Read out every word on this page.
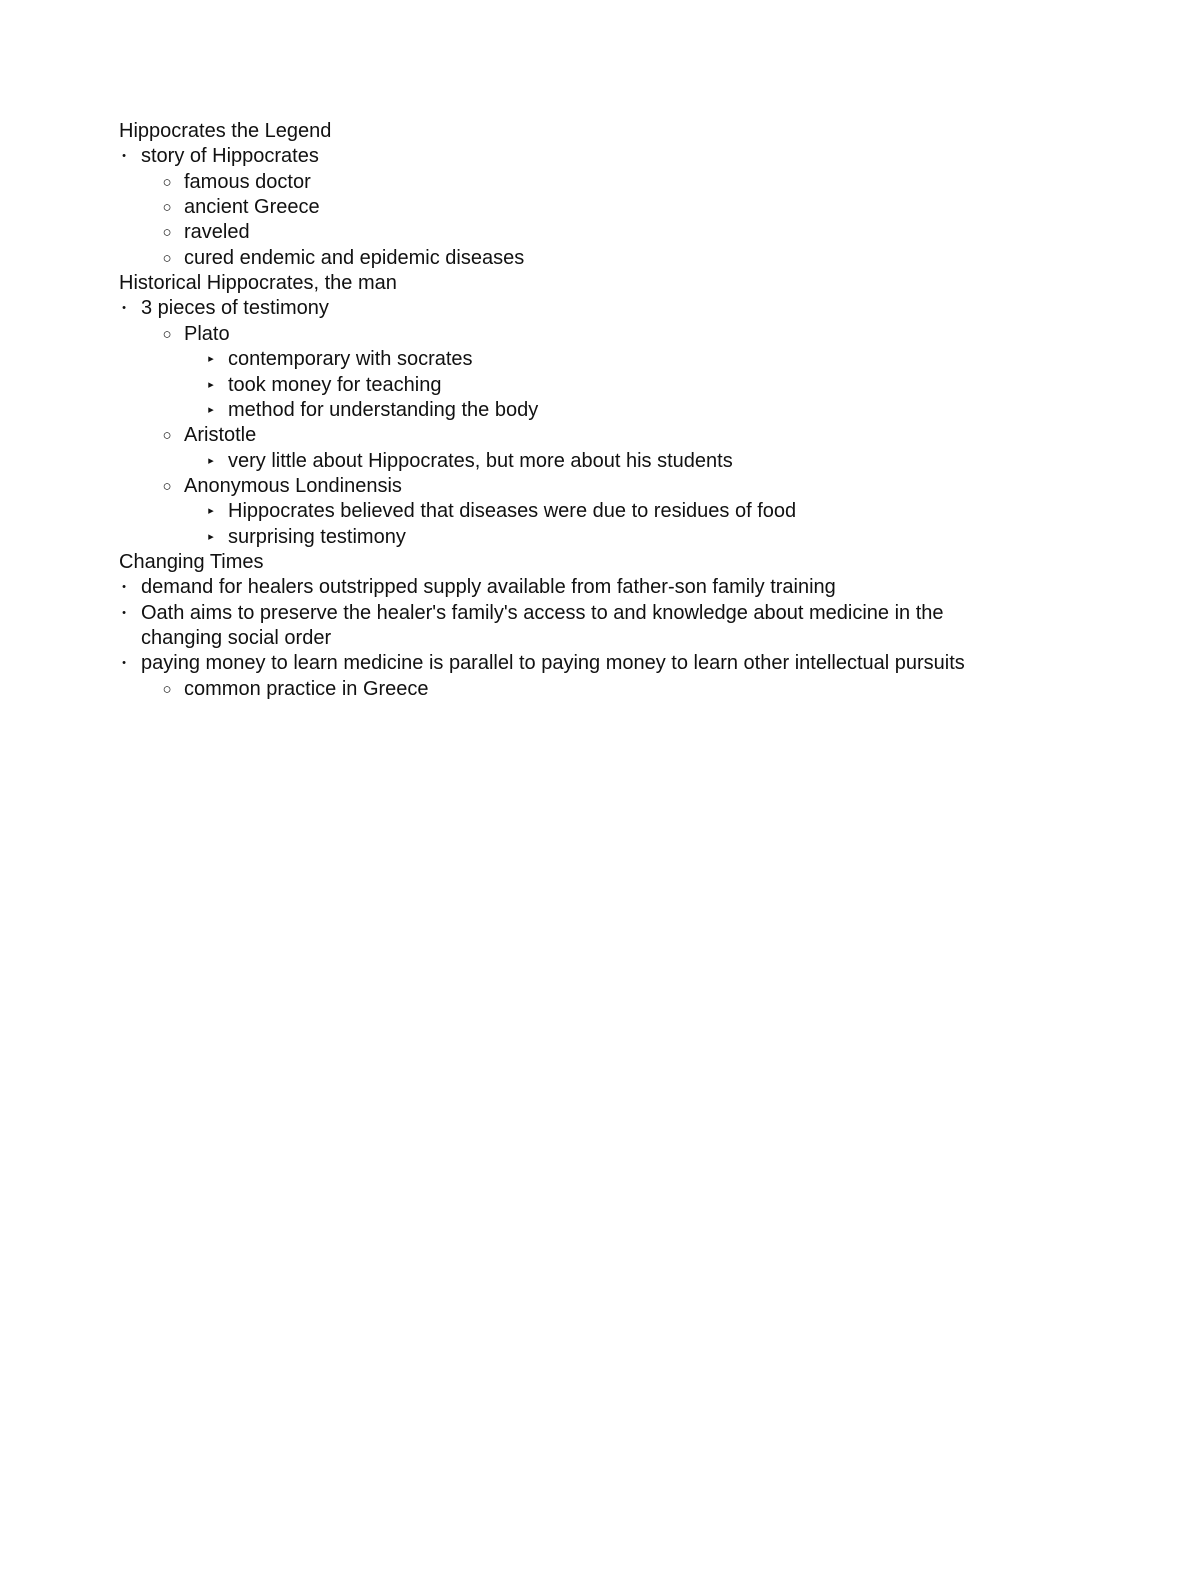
Hippocrates the Legend
• story of Hippocrates
○ famous doctor
○ ancient Greece
○ raveled
○ cured endemic and epidemic diseases
Historical Hippocrates, the man
• 3 pieces of testimony
○ Plato
▸ contemporary with socrates
▸ took money for teaching
▸ method for understanding the body
○ Aristotle
▸ very little about Hippocrates, but more about his students
○ Anonymous Londinensis
▸ Hippocrates believed that diseases were due to residues of food
▸ surprising testimony
Changing Times
• demand for healers outstripped supply available from father-son family training
• Oath aims to preserve the healer's family's access to and knowledge about medicine in the
changing social order
• paying money to learn medicine is parallel to paying money to learn other intellectual pursuits
○ common practice in Greece
